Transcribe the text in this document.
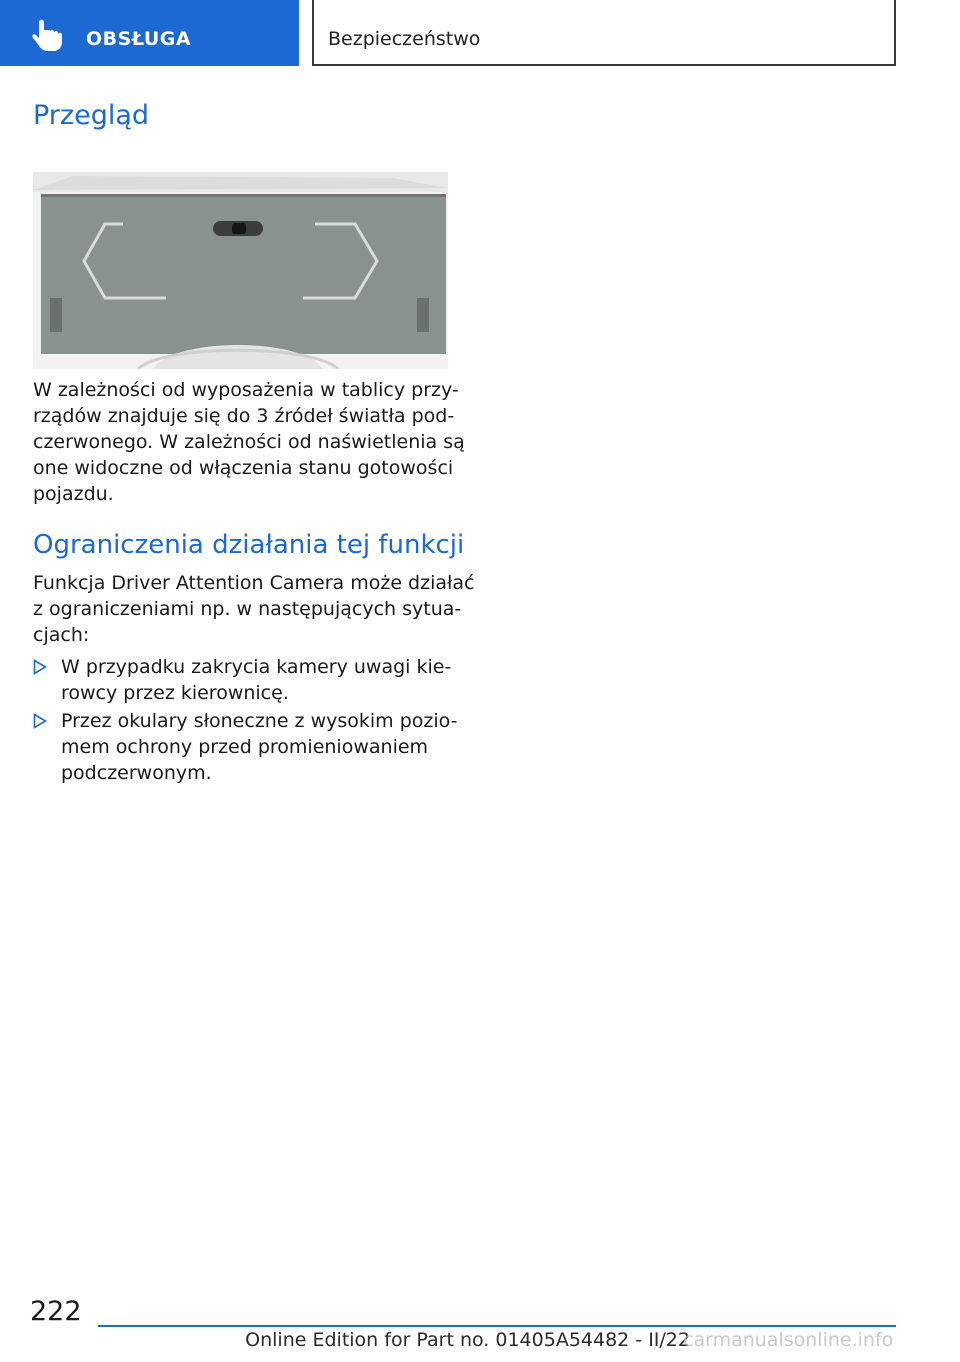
OBSŁUGA	Bezpieczeństwo
Przegląd
W zależności od wyposażenia w tablicy przy-
rządów znajduje się do 3 źródeł światła pod-
czerwonego. W zależności od naświetlenia są
one widoczne od włączenia stanu gotowości
pojazdu.
Ograniczenia działania tej funkcji
Funkcja Driver Attention Camera może działać
z ograniczeniami np. w następujących sytua-
cjach:
W przypadku zakrycia kamery uwagi kie-
rowcy przez kierownicę.
Przez okulary słoneczne z wysokim pozio-
mem ochrony przed promieniowaniem
podczerwonym.
222
Online Edition for Part no. 01405A54482 - II/22
carmanualsonline.info
